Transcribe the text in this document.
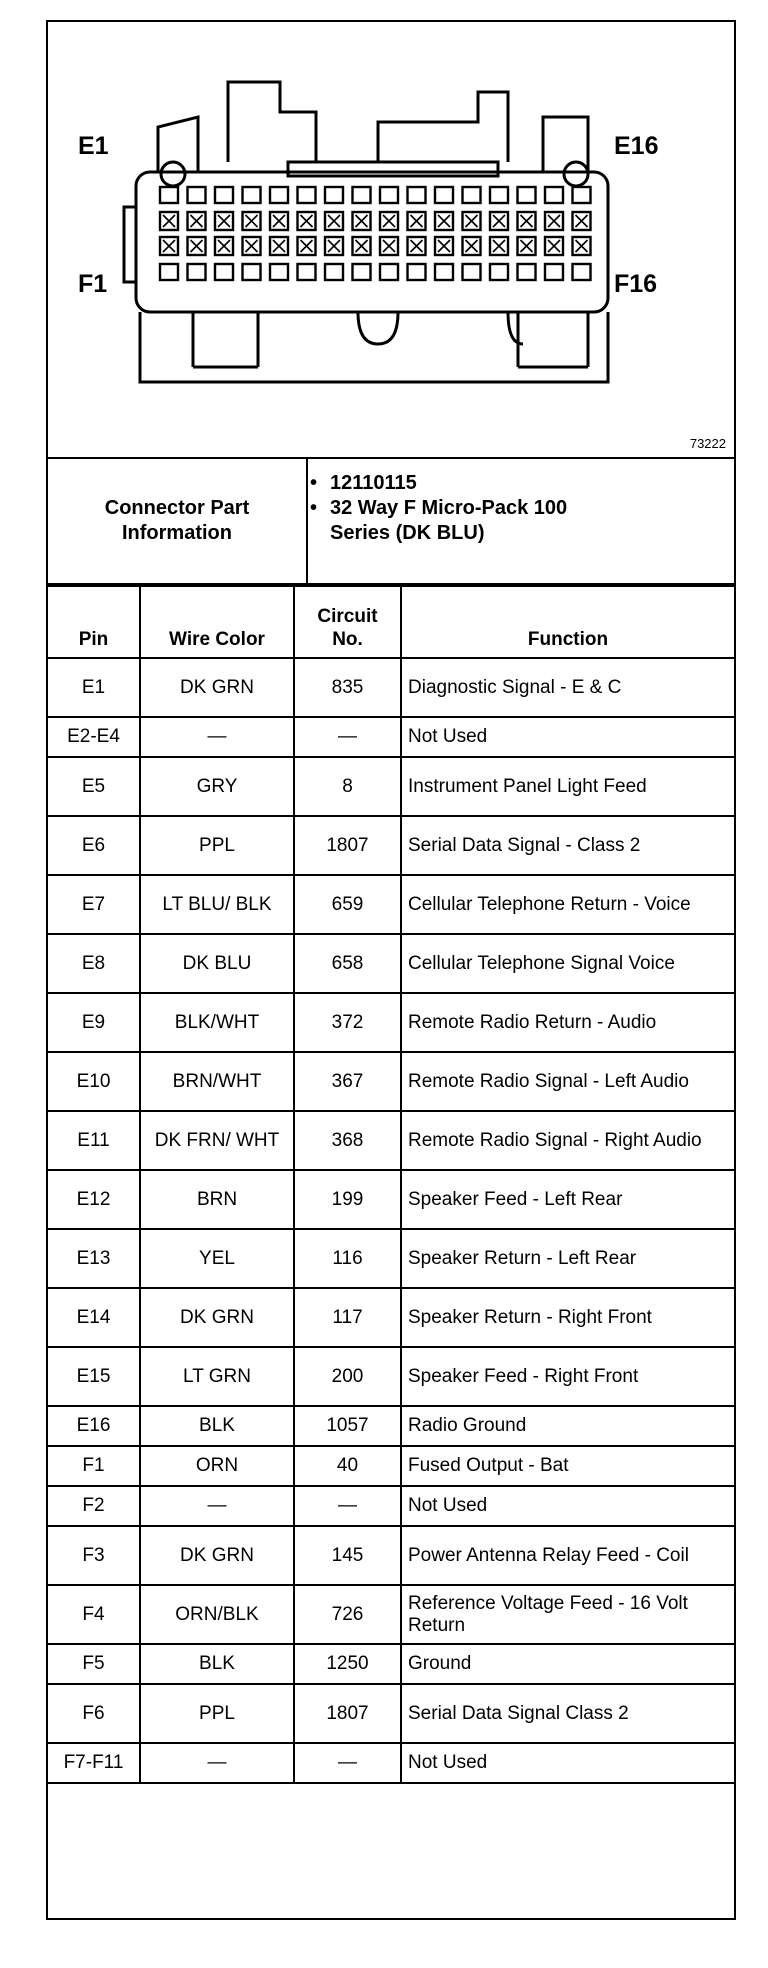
E1	E16
F1	F16
73222
Connector Part Information
• 12110115
• 32 Way F Micro-Pack 100 Series (DK BLU)
Pin	Wire Color	Circuit No.	Function
E1	DK GRN	835	Diagnostic Signal - E & C
E2-E4	—	—	Not Used
E5	GRY	8	Instrument Panel Light Feed
E6	PPL	1807	Serial Data Signal - Class 2
E7	LT BLU/ BLK	659	Cellular Telephone Return - Voice
E8	DK BLU	658	Cellular Telephone Signal Voice
E9	BLK/WHT	372	Remote Radio Return - Audio
E10	BRN/WHT	367	Remote Radio Signal - Left Audio
E11	DK FRN/ WHT	368	Remote Radio Signal - Right Audio
E12	BRN	199	Speaker Feed - Left Rear
E13	YEL	116	Speaker Return - Left Rear
E14	DK GRN	117	Speaker Return - Right Front
E15	LT GRN	200	Speaker Feed - Right Front
E16	BLK	1057	Radio Ground
F1	ORN	40	Fused Output - Bat
F2	—	—	Not Used
F3	DK GRN	145	Power Antenna Relay Feed - Coil
F4	ORN/BLK	726	Reference Voltage Feed - 16 Volt Return
F5	BLK	1250	Ground
F6	PPL	1807	Serial Data Signal Class 2
F7-F11	—	—	Not Used
